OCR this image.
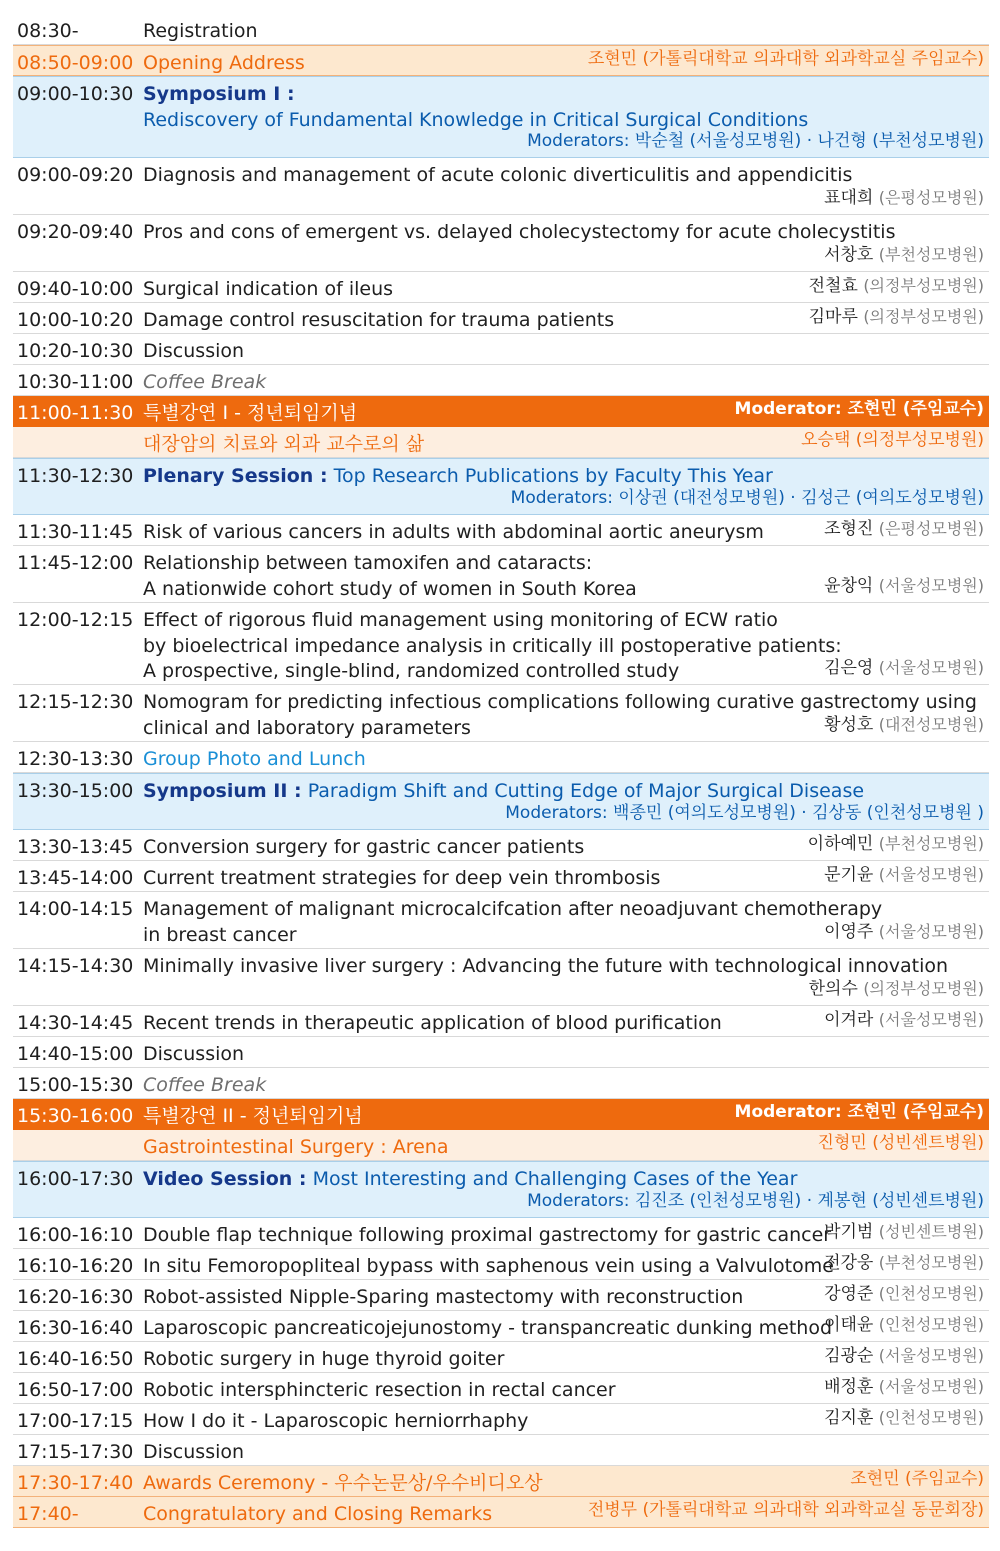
08:30-	Registration
08:50-09:00 Opening Address	조현민 (가톨릭대학교 의과대학 외과학교실 주임교수)
09:00-10:30 Symposium I :
Rediscovery of Fundamental Knowledge in Critical Surgical Conditions
Moderators: 박순철 (서울성모병원) · 나건형 (부천성모병원)
09:00-09:20 Diagnosis and management of acute colonic diverticulitis and appendicitis
표대희 (은평성모병원)
09:20-09:40 Pros and cons of emergent vs. delayed cholecystectomy for acute cholecystitis
서창호 (부천성모병원)
09:40-10:00 Surgical indication of ileus	전철효 (의정부성모병원)
10:00-10:20 Damage control resuscitation for trauma patients	김마루 (의정부성모병원)
10:20-10:30 Discussion
10:30-11:00 Coffee Break
11:00-11:30 특별강연 I - 정년퇴임기념	Moderator: 조현민 (주임교수)
대장암의 치료와 외과 교수로의 삶	오승택 (의정부성모병원)
11:30-12:30 Plenary Session : Top Research Publications by Faculty This Year
Moderators: 이상권 (대전성모병원) · 김성근 (여의도성모병원)
11:30-11:45 Risk of various cancers in adults with abdominal aortic aneurysm	조형진 (은평성모병원)
11:45-12:00 Relationship between tamoxifen and cataracts:
A nationwide cohort study of women in South Korea	윤창익 (서울성모병원)
12:00-12:15 Effect of rigorous fluid management using monitoring of ECW ratio
by bioelectrical impedance analysis in critically ill postoperative patients:
A prospective, single-blind, randomized controlled study	김은영 (서울성모병원)
12:15-12:30 Nomogram for predicting infectious complications following curative gastrectomy using
clinical and laboratory parameters	황성호 (대전성모병원)
12:30-13:30 Group Photo and Lunch
13:30-15:00 Symposium II : Paradigm Shift and Cutting Edge of Major Surgical Disease
Moderators: 백종민 (여의도성모병원) · 김상동 (인천성모병원 )
13:30-13:45 Conversion surgery for gastric cancer patients	이하예민 (부천성모병원)
13:45-14:00 Current treatment strategies for deep vein thrombosis	문기윤 (서울성모병원)
14:00-14:15 Management of malignant microcalcifcation after neoadjuvant chemotherapy
in breast cancer	이영주 (서울성모병원)
14:15-14:30 Minimally invasive liver surgery : Advancing the future with technological innovation
한의수 (의정부성모병원)
14:30-14:45 Recent trends in therapeutic application of blood purification	이겨라 (서울성모병원)
14:40-15:00 Discussion
15:00-15:30 Coffee Break
15:30-16:00 특별강연 II - 정년퇴임기념	Moderator: 조현민 (주임교수)
Gastrointestinal Surgery : Arena	진형민 (성빈센트병원)
16:00-17:30 Video Session : Most Interesting and Challenging Cases of the Year
Moderators: 김진조 (인천성모병원) · 계봉현 (성빈센트병원)
16:00-16:10 Double flap technique following proximal gastrectomy for gastric cancer
박기범 (성빈센트병원)
16:10-16:20 In situ Femoropopliteal bypass with saphenous vein using a Valvulotome
전강웅 (부천성모병원)
16:20-16:30 Robot-assisted Nipple-Sparing mastectomy with reconstruction	강영준 (인천성모병원)
16:30-16:40 Laparoscopic pancreaticojejunostomy - transpancreatic dunking method
이태윤 (인천성모병원)
16:40-16:50 Robotic surgery in huge thyroid goiter	김광순 (서울성모병원)
16:50-17:00 Robotic intersphincteric resection in rectal cancer	배정훈 (서울성모병원)
17:00-17:15 How I do it - Laparoscopic herniorrhaphy	김지훈 (인천성모병원)
17:15-17:30 Discussion
17:30-17:40 Awards Ceremony - 우수논문상/우수비디오상	조현민 (주임교수)
17:40-	Congratulatory and Closing Remarks	전병무 (가톨릭대학교 의과대학 외과학교실 동문회장)
